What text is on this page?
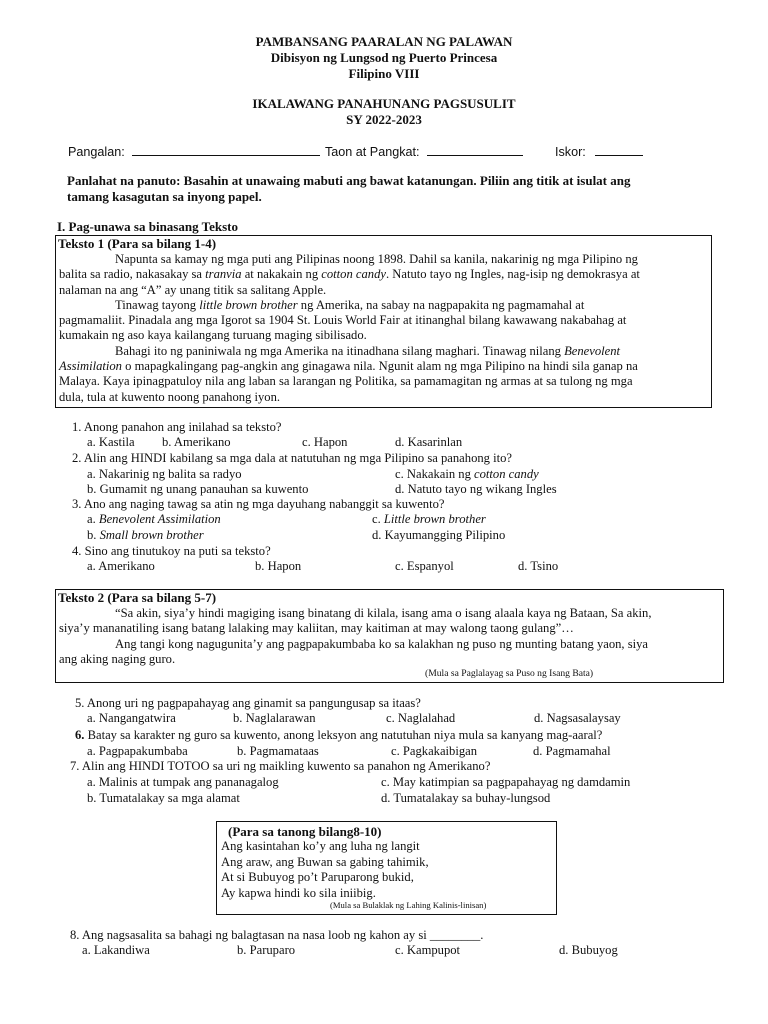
PAMBANSANG PAARALAN NG PALAWAN
Dibisyon ng Lungsod ng Puerto Princesa
Filipino VIII
IKALAWANG PANAHUNANG PAGSUSULIT
SY 2022-2023
Pangalan:	Taon at Pangkat:	Iskor:
Panlahat na panuto: Basahin at unawaing mabuti ang bawat katanungan. Piliin ang titik at isulat ang
tamang kasagutan sa inyong papel.
I. Pag-unawa sa binasang Teksto
Teksto 1 (Para sa bilang 1-4)
Napunta sa kamay ng mga puti ang Pilipinas noong 1898. Dahil sa kanila, nakarinig ng mga Pilipino ng
balita sa radio, nakasakay sa tranvia at nakakain ng cotton candy. Natuto tayo ng Ingles, nag-isip ng demokrasya at
nalaman na ang “A” ay unang titik sa salitang Apple.
Tinawag tayong little brown brother ng Amerika, na sabay na nagpapakita ng pagmamahal at
pagmamaliit. Pinadala ang mga Igorot sa 1904 St. Louis World Fair at itinanghal bilang kawawang nakabahag at
kumakain ng aso kaya kailangang turuang maging sibilisado.
Bahagi ito ng paniniwala ng mga Amerika na itinadhana silang maghari. Tinawag nilang Benevolent
Assimilation o mapagkalingang pag-angkin ang ginagawa nila. Ngunit alam ng mga Pilipino na hindi sila ganap na
Malaya. Kaya ipinagpatuloy nila ang laban sa larangan ng Politika, sa pamamagitan ng armas at sa tulong ng mga
dula, tula at kuwento noong panahong iyon.
1. Anong panahon ang inilahad sa teksto?
a. Kastila b. Amerikano	c. Hapon	d. Kasarinlan
2. Alin ang HINDI kabilang sa mga dala at natutuhan ng mga Pilipino sa panahong ito?
a. Nakarinig ng balita sa radyo	c. Nakakain ng cotton candy
b. Gumamit ng unang panauhan sa kuwento	d. Natuto tayo ng wikang Ingles
3. Ano ang naging tawag sa atin ng mga dayuhang nabanggit sa kuwento?
a. Benevolent Assimilation	c. Little brown brother
b. Small brown brother	d. Kayumangging Pilipino
4. Sino ang tinutukoy na puti sa teksto?
a. Amerikano	b. Hapon	c. Espanyol	d. Tsino
Teksto 2 (Para sa bilang 5-7)
“Sa akin, siya’y hindi magiging isang binatang di kilala, isang ama o isang alaala kaya ng Bataan, Sa akin,
siya’y mananatiling isang batang lalaking may kaliitan, may kaitiman at may walong taong gulang”…
Ang tangi kong nagugunita’y ang pagpapakumbaba ko sa kalakhan ng puso ng munting batang yaon, siya
ang aking naging guro.
(Mula sa Paglalayag sa Puso ng Isang Bata)
5. Anong uri ng pagpapahayag ang ginamit sa pangungusap sa itaas?
a. Nangangatwira	b. Naglalarawan	c. Naglalahad	d. Nagsasalaysay
6. Batay sa karakter ng guro sa kuwento, anong leksyon ang natutuhan niya mula sa kanyang mag-aaral?
a. Pagpapakumbaba	b. Pagmamataas	c. Pagkakaibigan	d. Pagmamahal
7. Alin ang HINDI TOTOO sa uri ng maikling kuwento sa panahon ng Amerikano?
a. Malinis at tumpak ang pananagalog	c. May katimpian sa pagpapahayag ng damdamin
b. Tumatalakay sa mga alamat	d. Tumatalakay sa buhay-lungsod
(Para sa tanong bilang8-10)
Ang kasintahan ko’y ang luha ng langit
Ang araw, ang Buwan sa gabing tahimik,
At si Bubuyog po’t Paruparong bukid,
Ay kapwa hindi ko sila iniibig.
(Mula sa Bulaklak ng Lahing Kalinis-linisan)
8. Ang nagsasalita sa bahagi ng balagtasan na nasa loob ng kahon ay si ________.
a. Lakandiwa	b. Paruparo	c. Kampupot	d. Bubuyog
